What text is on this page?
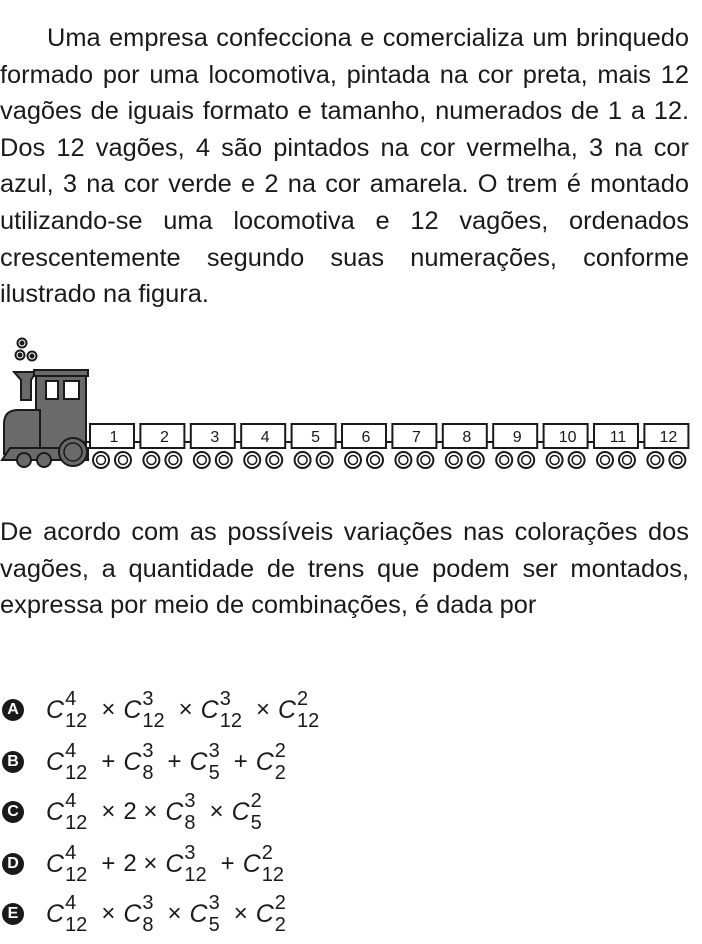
Uma empresa confecciona e comercializa um brinquedo formado por uma locomotiva, pintada na cor preta, mais 12 vagões de iguais formato e tamanho, numerados de 1 a 12. Dos 12 vagões, 4 são pintados na cor vermelha, 3 na cor azul, 3 na cor verde e 2 na cor amarela. O trem é montado utilizando-se uma locomotiva e 12 vagões, ordenados crescentemente segundo suas numerações, conforme ilustrado na figura.

1	2	3	4	5	6	7	8	9 10 11 12

De acordo com as possíveis variações nas colorações dos vagões, a quantidade de trens que podem ser montados, expressa por meio de combinações, é dada por

A C 4
12 × C 3
12 × C 3
12 × C 2
12
B C 4
12 + C 3
8 + C 3
5 + C 2
2
C C 4
12 × 2 × C 3
8 × C 2
5
D C 4
12 + 2 × C 3
12 + C 2
12
E C 4
12 × C 3
8 × C 3
5 × C 2
2
